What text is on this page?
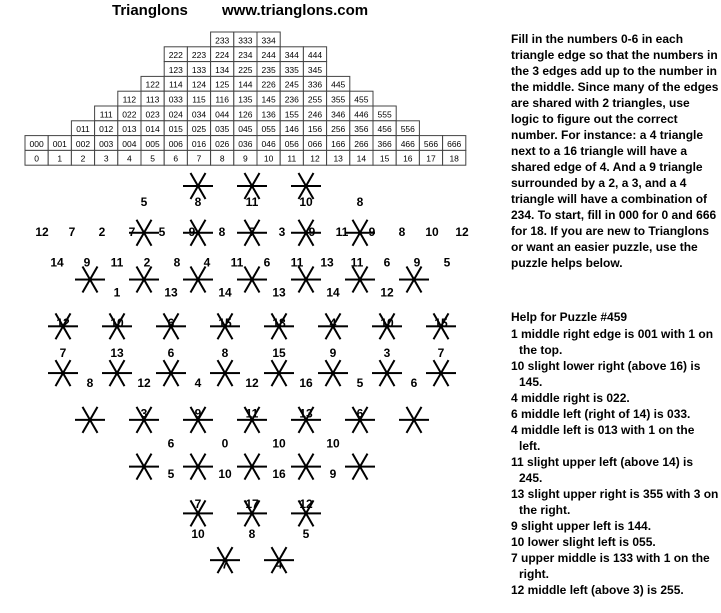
Trianglons www.trianglons.com
233 333 334
222 223 224 234 244 344 444
123 133 134 225 235 335 345
122 114 124 125 144 226 245 336 445
112 113 033 115 116 135 145 236 255 355 455
111 022 023 024 034 044 126 136 155 246 346 446 555
011 012 013 014 015 025 035 045 055 146 156 256 356 456 556
000 001 002 003 004 005 006 016 026 036 046 056 066 166 266 366 466 566 666
0 1 2 3 4 5 6 7 8 9 10 11 12 13 14 15 16 17 18
5	8	11	10	8
12 7 2 7 5 9 8 7 3 9 11 9 8 10 12
14 9 11 2 8 4 11 6 11 13 11 6 9 5
1	13	14	13	14	12
12	10	6	15	18	4	10	15
7	13	6	8	15	9	3	7
8	12	4	12	16	5	6
3	9	11	13	6
6	0	10	10
5	10	16	9
7	17	12
10	8	5
7	4
Fill in the numbers 0-6 in each triangle edge so that the numbers in the 3 edges add up to the number in the middle. Since many of the edges are shared with 2 triangles, use logic to figure out the correct number. For instance: a 4 triangle next to a 16 triangle will have a shared edge of 4. And a 9 triangle surrounded by a 2, a 3, and a 4 triangle will have a combination of 234. To start, fill in 000 for 0 and 666 for 18. If you are new to Trianglons or want an easier puzzle, use the puzzle helps below.
Help for Puzzle #459
1 middle right edge is 001 with 1 on the top.
10 slight lower right (above 16) is 145.
4 middle right is 022.
6 middle left (right of 14) is 033.
4 middle left is 013 with 1 on the left.
11 slight upper left (above 14) is 245.
13 slight upper right is 355 with 3 on the right.
9 slight upper left is 144.
10 lower slight left is 055.
7 upper middle is 133 with 1 on the right.
12 middle left (above 3) is 255.
